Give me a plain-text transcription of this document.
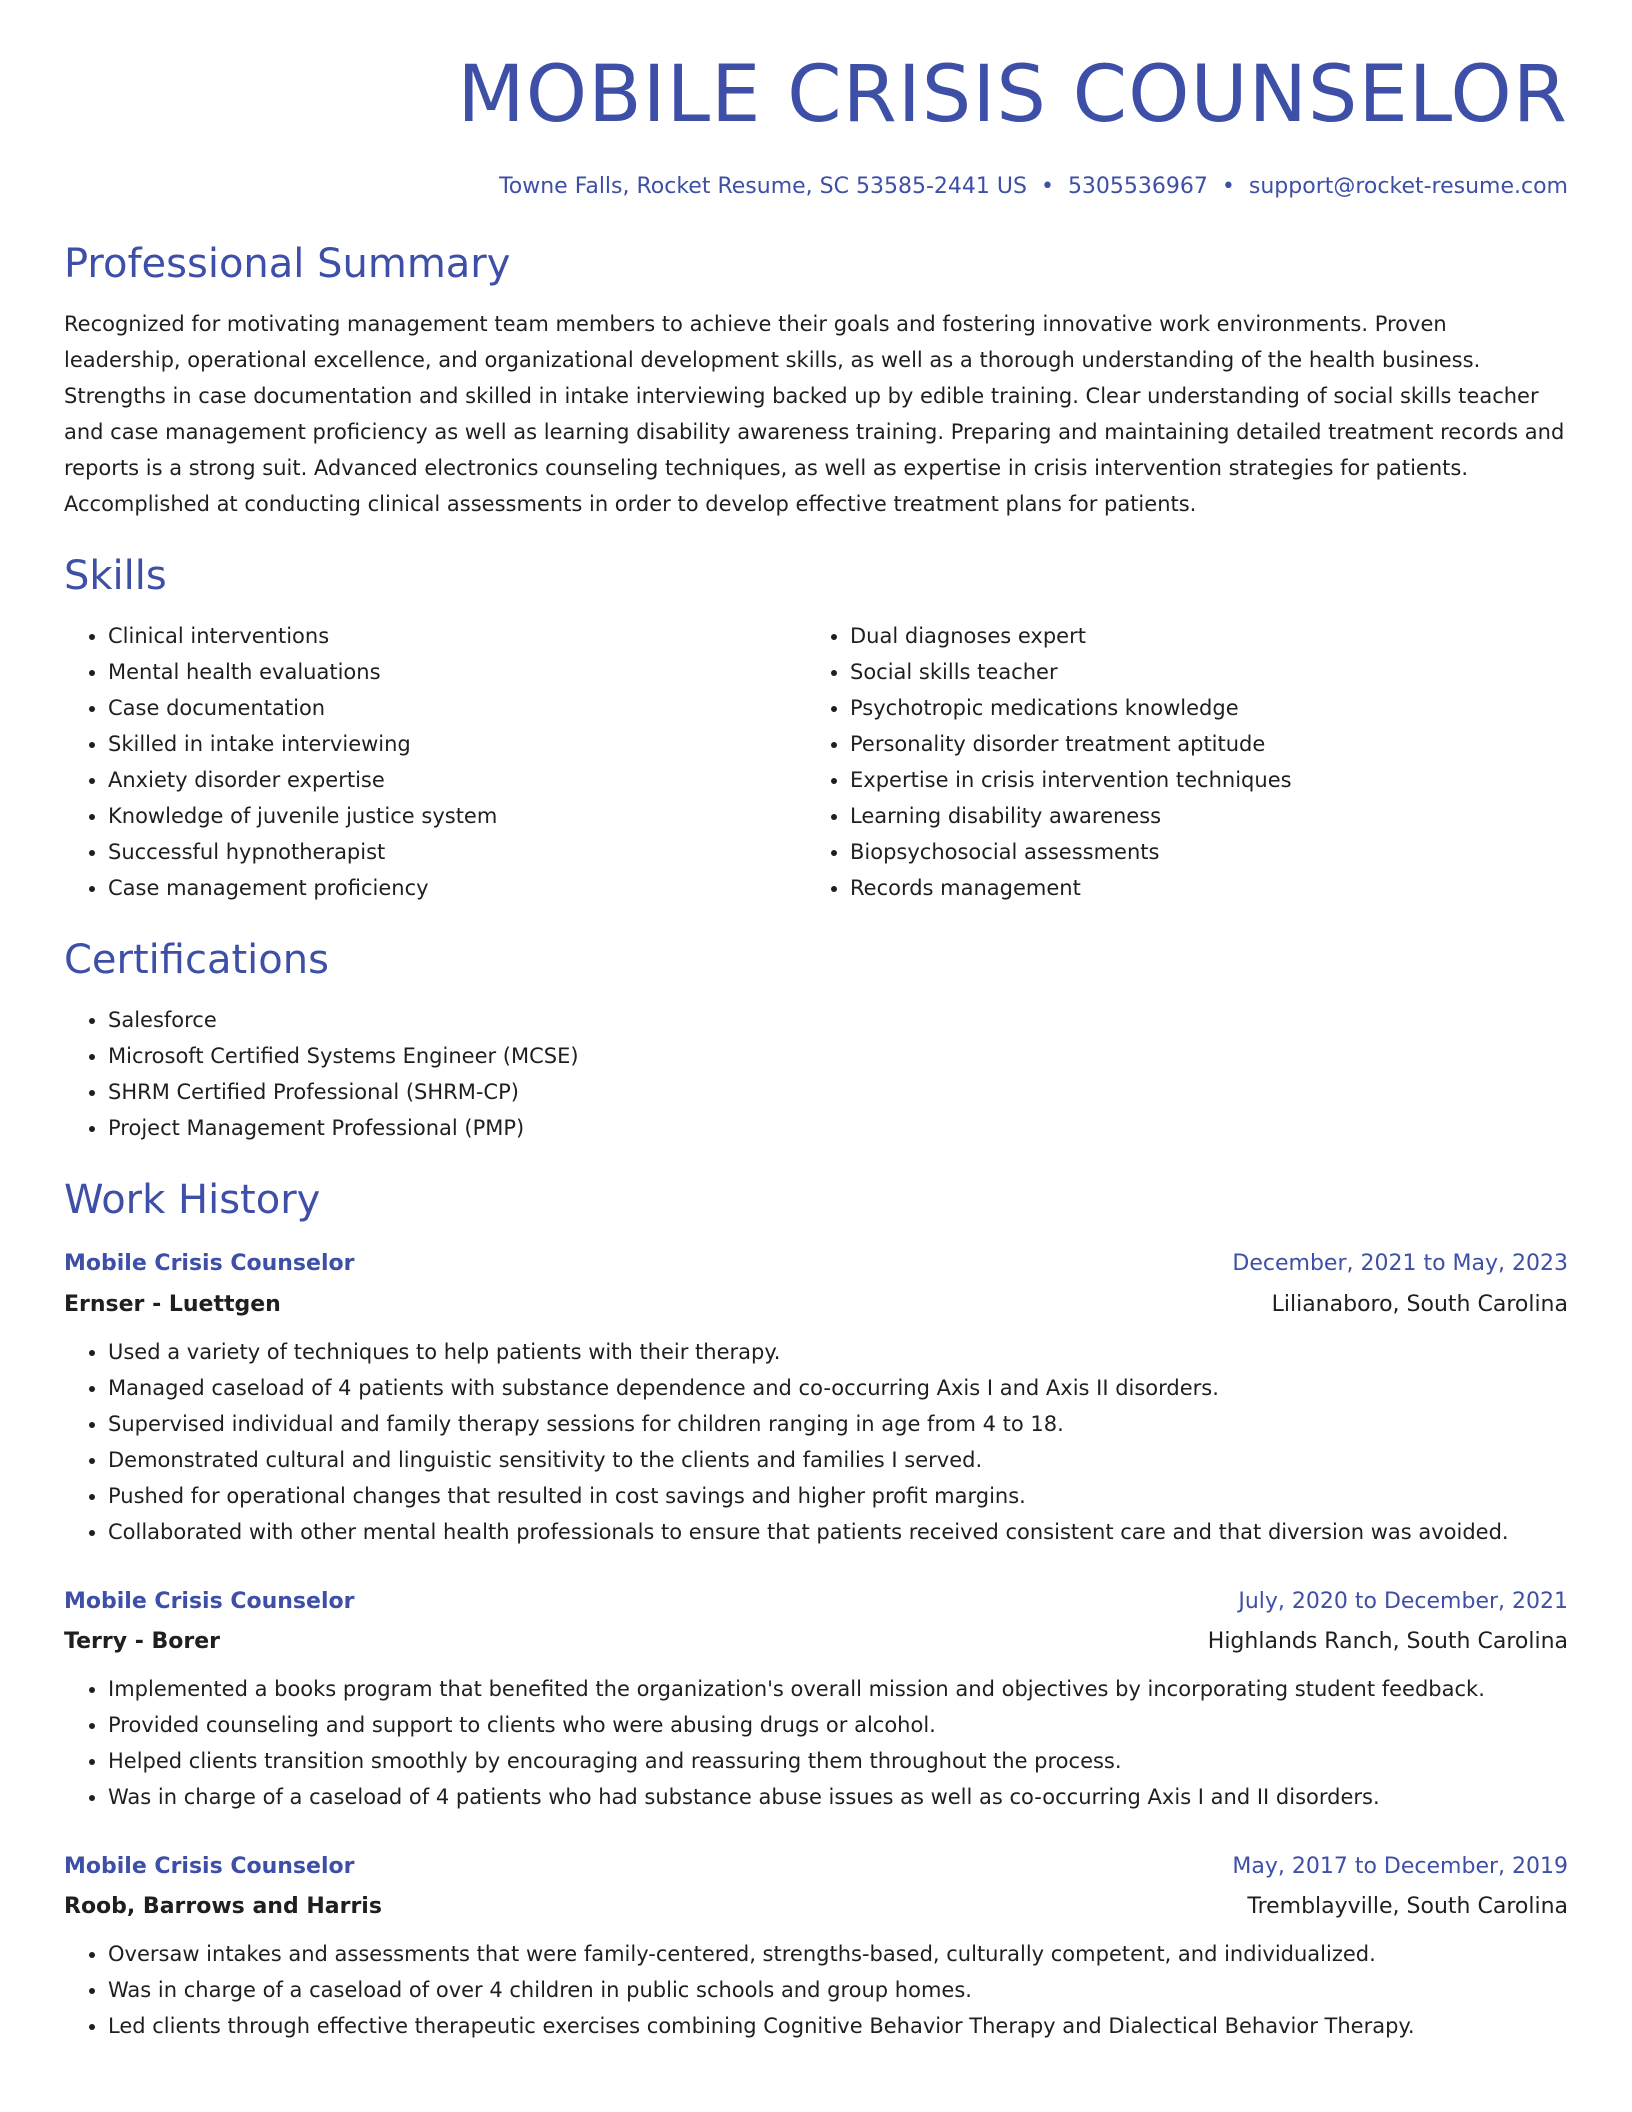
MOBILE CRISIS COUNSELOR
Towne Falls, Rocket Resume, SC 53585-2441 US • 5305536967 • support@rocket-resume.com
Professional Summary

Recognized for motivating management team members to achieve their goals and fostering innovative work environments. Proven leadership, operational excellence, and organizational development skills, as well as a thorough understanding of the health business. Strengths in case documentation and skilled in intake interviewing backed up by edible training. Clear understanding of social skills teacher and case management proficiency as well as learning disability awareness training. Preparing and maintaining detailed treatment records and reports is a strong suit. Advanced electronics counseling techniques, as well as expertise in crisis intervention strategies for patients. Accomplished at conducting clinical assessments in order to develop effective treatment plans for patients.

Skills
• Clinical interventions
• Mental health evaluations
• Case documentation
• Skilled in intake interviewing
• Anxiety disorder expertise
• Knowledge of juvenile justice system
• Successful hypnotherapist
• Case management proficiency
• Dual diagnoses expert
• Social skills teacher
• Psychotropic medications knowledge
• Personality disorder treatment aptitude
• Expertise in crisis intervention techniques
• Learning disability awareness
• Biopsychosocial assessments
• Records management
Certifications
• Salesforce
• Microsoft Certified Systems Engineer (MCSE)
• SHRM Certified Professional (SHRM-CP)
• Project Management Professional (PMP)
Work History
Mobile Crisis Counselor	December, 2021 to May, 2023
Ernser - Luettgen	Lilianaboro, South Carolina
• Used a variety of techniques to help patients with their therapy.
• Managed caseload of 4 patients with substance dependence and co-occurring Axis I and Axis II disorders.
• Supervised individual and family therapy sessions for children ranging in age from 4 to 18.
• Demonstrated cultural and linguistic sensitivity to the clients and families I served.
• Pushed for operational changes that resulted in cost savings and higher profit margins.
• Collaborated with other mental health professionals to ensure that patients received consistent care and that diversion was avoided.
Mobile Crisis Counselor	July, 2020 to December, 2021
Terry - Borer	Highlands Ranch, South Carolina
• Implemented a books program that benefited the organization's overall mission and objectives by incorporating student feedback.
• Provided counseling and support to clients who were abusing drugs or alcohol.
• Helped clients transition smoothly by encouraging and reassuring them throughout the process.
• Was in charge of a caseload of 4 patients who had substance abuse issues as well as co-occurring Axis I and II disorders.
Mobile Crisis Counselor	May, 2017 to December, 2019
Roob, Barrows and Harris	Tremblayville, South Carolina
• Oversaw intakes and assessments that were family-centered, strengths-based, culturally competent, and individualized.
• Was in charge of a caseload of over 4 children in public schools and group homes.
• Led clients through effective therapeutic exercises combining Cognitive Behavior Therapy and Dialectical Behavior Therapy.
